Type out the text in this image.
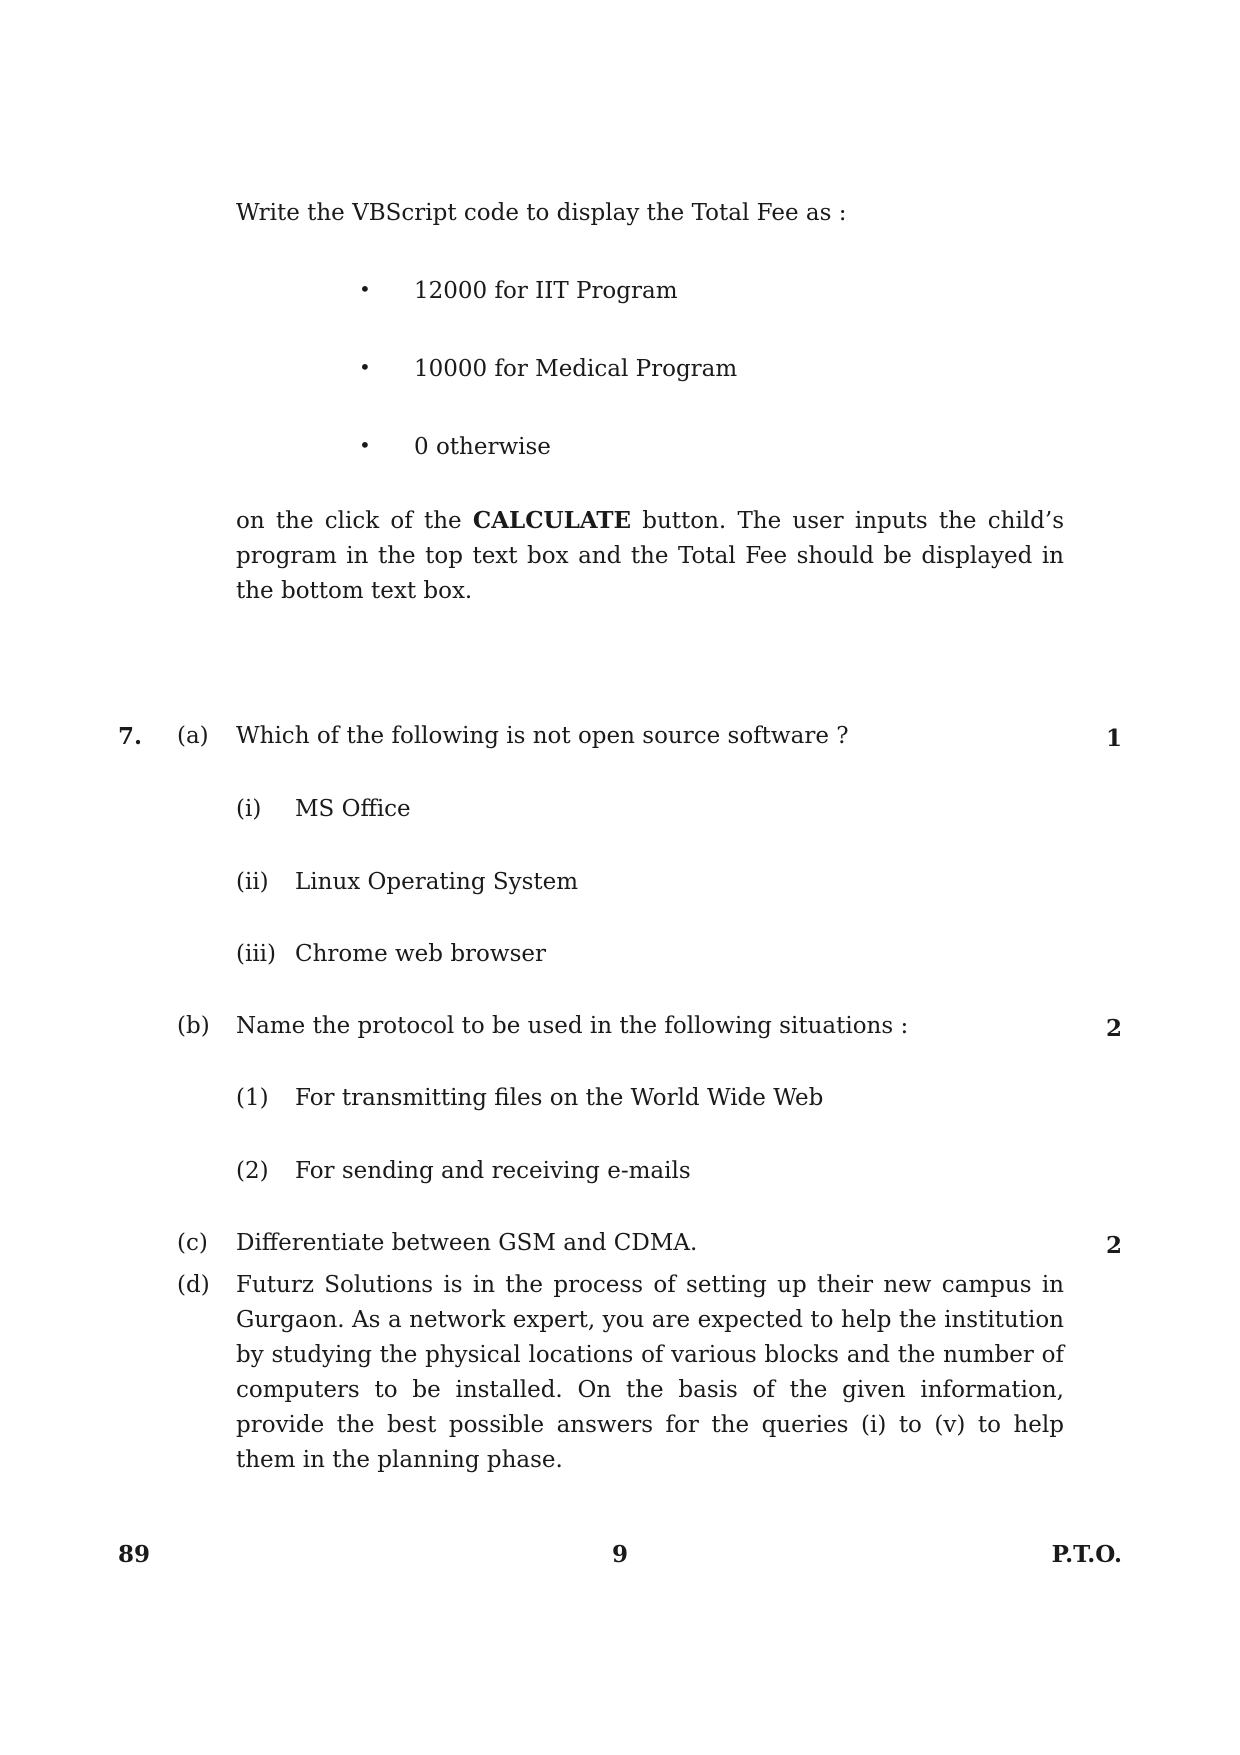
Write the VBScript code to display the Total Fee as :
• 12000 for IIT Program
• 10000 for Medical Program
• 0 otherwise
on the click of the CALCULATE button. The user inputs the child’s program in the top text box and the Total Fee should be displayed in the bottom text box.
7. (a) Which of the following is not open source software ?	1
(i) MS Office
(ii) Linux Operating System
(iii) Chrome web browser
(b) Name the protocol to be used in the following situations :	2
(1) For transmitting files on the World Wide Web
(2) For sending and receiving e-mails
(c) Differentiate between GSM and CDMA.	2
(d) Futurz Solutions is in the process of setting up their new campus in Gurgaon. As a network expert, you are expected to help the institution by studying the physical locations of various blocks and the number of computers to be installed. On the basis of the given information, provide the best possible answers for the queries (i) to (v) to help them in the planning phase.
89	9	P.T.O.
